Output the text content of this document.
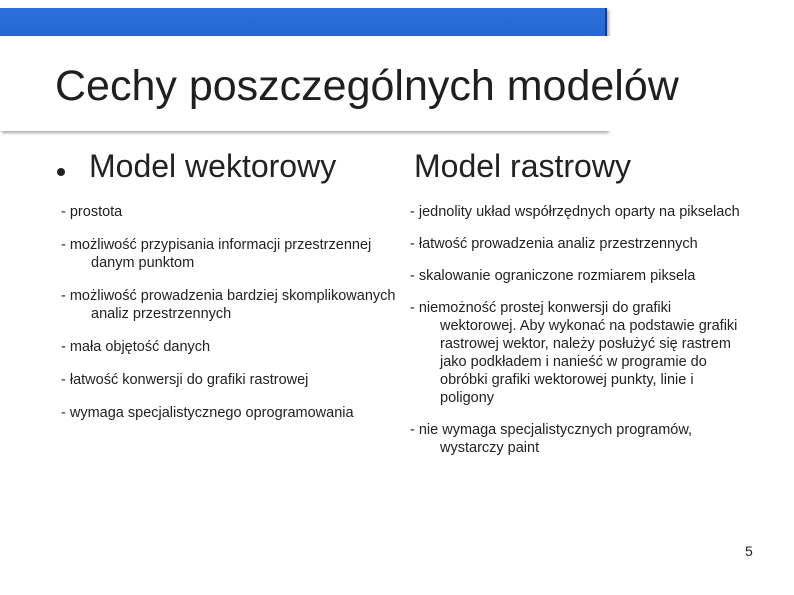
Cechy poszczególnych modelów
Model wektorowy Model rastrowy

- prostota

- możliwość przypisania informacji przestrzennej danym punktom

- możliwość prowadzenia bardziej skomplikowanych analiz przestrzennych

- mała objętość danych

- łatwość konwersji do grafiki rastrowej

- wymaga specjalistycznego oprogramowania

- jednolity układ współrzędnych oparty na pikselach

- łatwość prowadzenia analiz przestrzennych

- skalowanie ograniczone rozmiarem piksela

- niemożność prostej konwersji do grafiki wektorowej. Aby wykonać na podstawie grafiki rastrowej wektor, należy posłużyć się rastrem jako podkładem i nanieść w programie do obróbki grafiki wektorowej punkty, linie i poligony

- nie wymaga specjalistycznych programów, wystarczy paint

5
